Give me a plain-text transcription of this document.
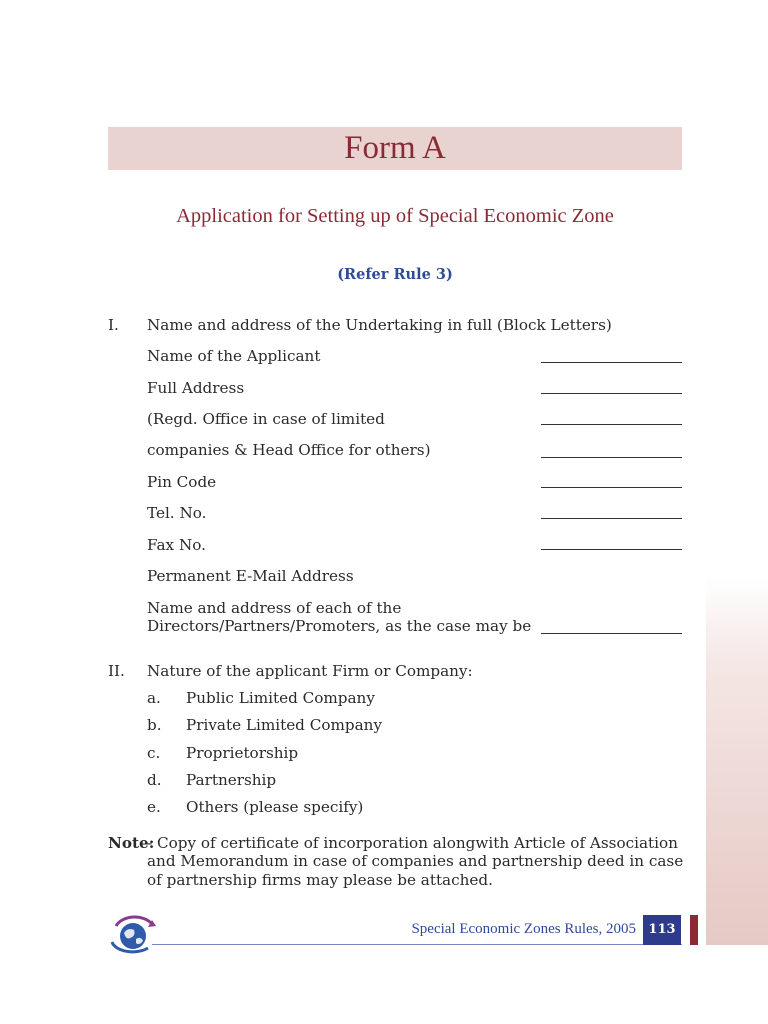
Form A
Application for Setting up of Special Economic Zone
(Refer Rule 3)
I. Name and address of the Undertaking in full (Block Letters)
Name of the Applicant
Full Address
(Regd. Office in case of limited
companies & Head Office for others)
Pin Code
Tel. No.
Fax No.
Permanent E-Mail Address
Name and address of each of the
Directors/Partners/Promoters, as the case may be
II. Nature of the applicant Firm or Company:
a. Public Limited Company
b. Private Limited Company
c. Proprietorship
d. Partnership
e. Others (please specify)
Note:
- Copy of certificate of incorporation alongwith Article of Association
and Memorandum in case of companies and partnership deed in case
of partnership firms may please be attached.
Special Economic Zones Rules, 2005 113
